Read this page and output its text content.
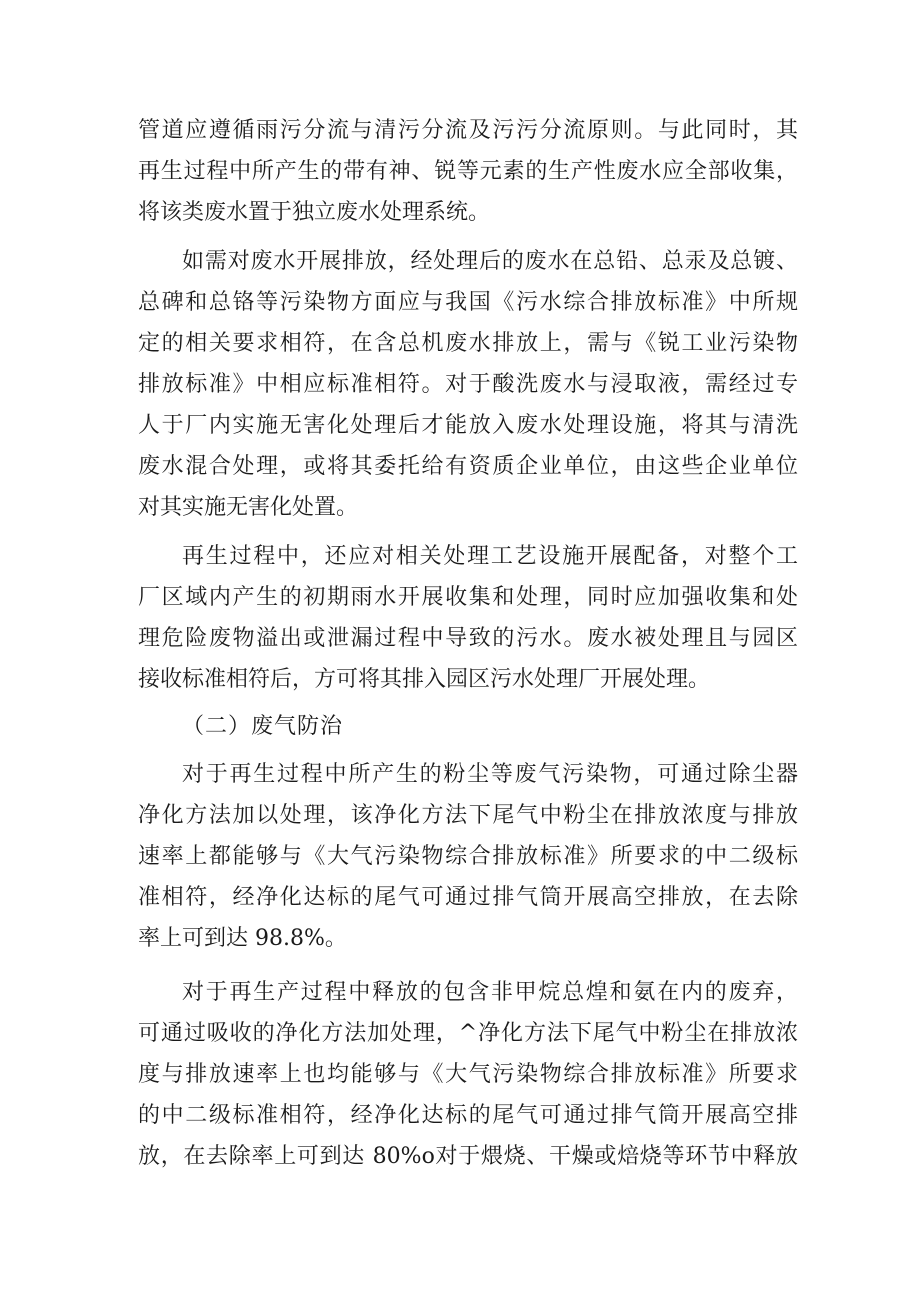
管道应遵循雨污分流与清污分流及污污分流原则。与此同时，其
再生过程中所产生的带有神、锐等元素的生产性废水应全部收集，
将该类废水置于独立废水处理系统。
如需对废水开展排放，经处理后的废水在总铅、总汞及总镀、
总碑和总铬等污染物方面应与我国《污水综合排放标准》中所规
定的相关要求相符，在含总机废水排放上，需与《锐工业污染物
排放标准》中相应标准相符。对于酸洗废水与浸取液，需经过专
人于厂内实施无害化处理后才能放入废水处理设施，将其与清洗
废水混合处理，或将其委托给有资质企业单位，由这些企业单位
对其实施无害化处置。
再生过程中，还应对相关处理工艺设施开展配备，对整个工
厂区域内产生的初期雨水开展收集和处理，同时应加强收集和处
理危险废物溢出或泄漏过程中导致的污水。废水被处理且与园区
接收标准相符后，方可将其排入园区污水处理厂开展处理。
（二）废气防治
对于再生过程中所产生的粉尘等废气污染物，可通过除尘器
净化方法加以处理，该净化方法下尾气中粉尘在排放浓度与排放
速率上都能够与《大气污染物综合排放标准》所要求的中二级标
准相符，经净化达标的尾气可通过排气筒开展高空排放，在去除
率上可到达 98.8%。
对于再生产过程中释放的包含非甲烷总煌和氨在内的废弃，
可通过吸收的净化方法加处理，^净化方法下尾气中粉尘在排放浓
度与排放速率上也均能够与《大气污染物综合排放标准》所要求
的中二级标准相符，经净化达标的尾气可通过排气筒开展高空排
放，在去除率上可到达 80%o对于煨烧、干燥或焙烧等环节中释放
